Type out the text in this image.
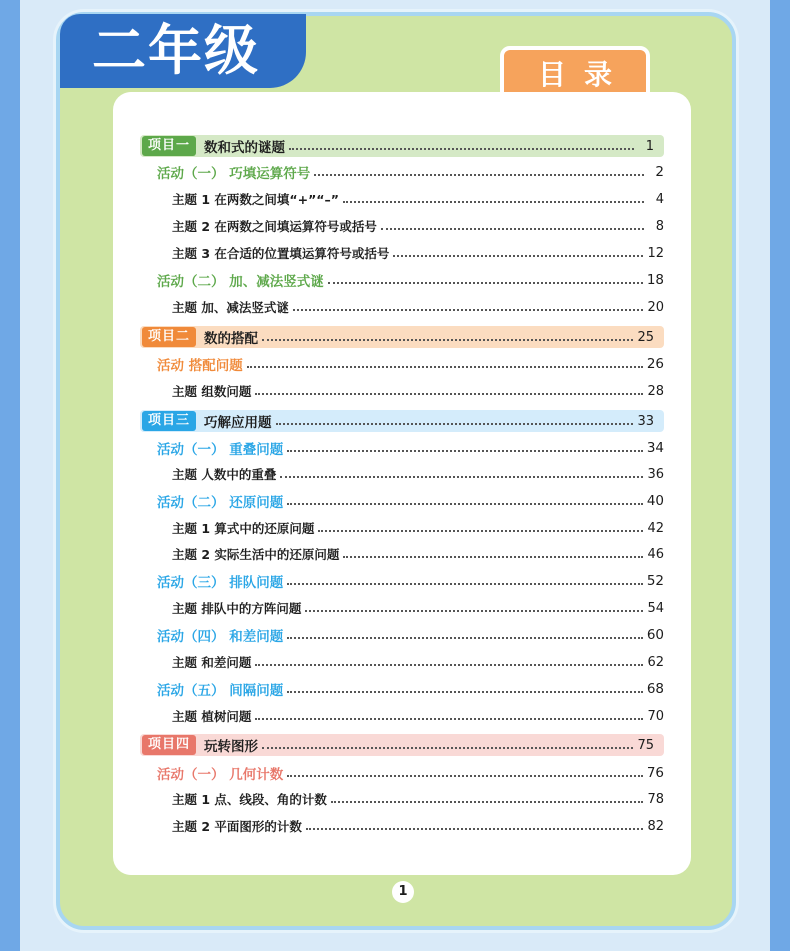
二年级	目录
项目一	数和式的谜题	1
活动（一） 巧填运算符号	2
主题 1 在两数之间填“+”“–”	4
主题 2 在两数之间填运算符号或括号	8
主题 3 在合适的位置填运算符号或括号	12
活动（二） 加、减法竖式谜	18
主题 加、减法竖式谜	20
项目二	数的搭配	25
活动 搭配问题	26
主题 组数问题	28
项目三	巧解应用题	33
活动（一） 重叠问题	34
主题 人数中的重叠	36
活动（二） 还原问题	40
主题 1 算式中的还原问题	42
主题 2 实际生活中的还原问题	46
活动（三） 排队问题	52
主题 排队中的方阵问题	54
活动（四） 和差问题	60
主题 和差问题	62
活动（五） 间隔问题	68
主题 植树问题	70
项目四	玩转图形	75
活动（一） 几何计数	76
主题 1 点、线段、角的计数	78
主题 2 平面图形的计数	82
1
